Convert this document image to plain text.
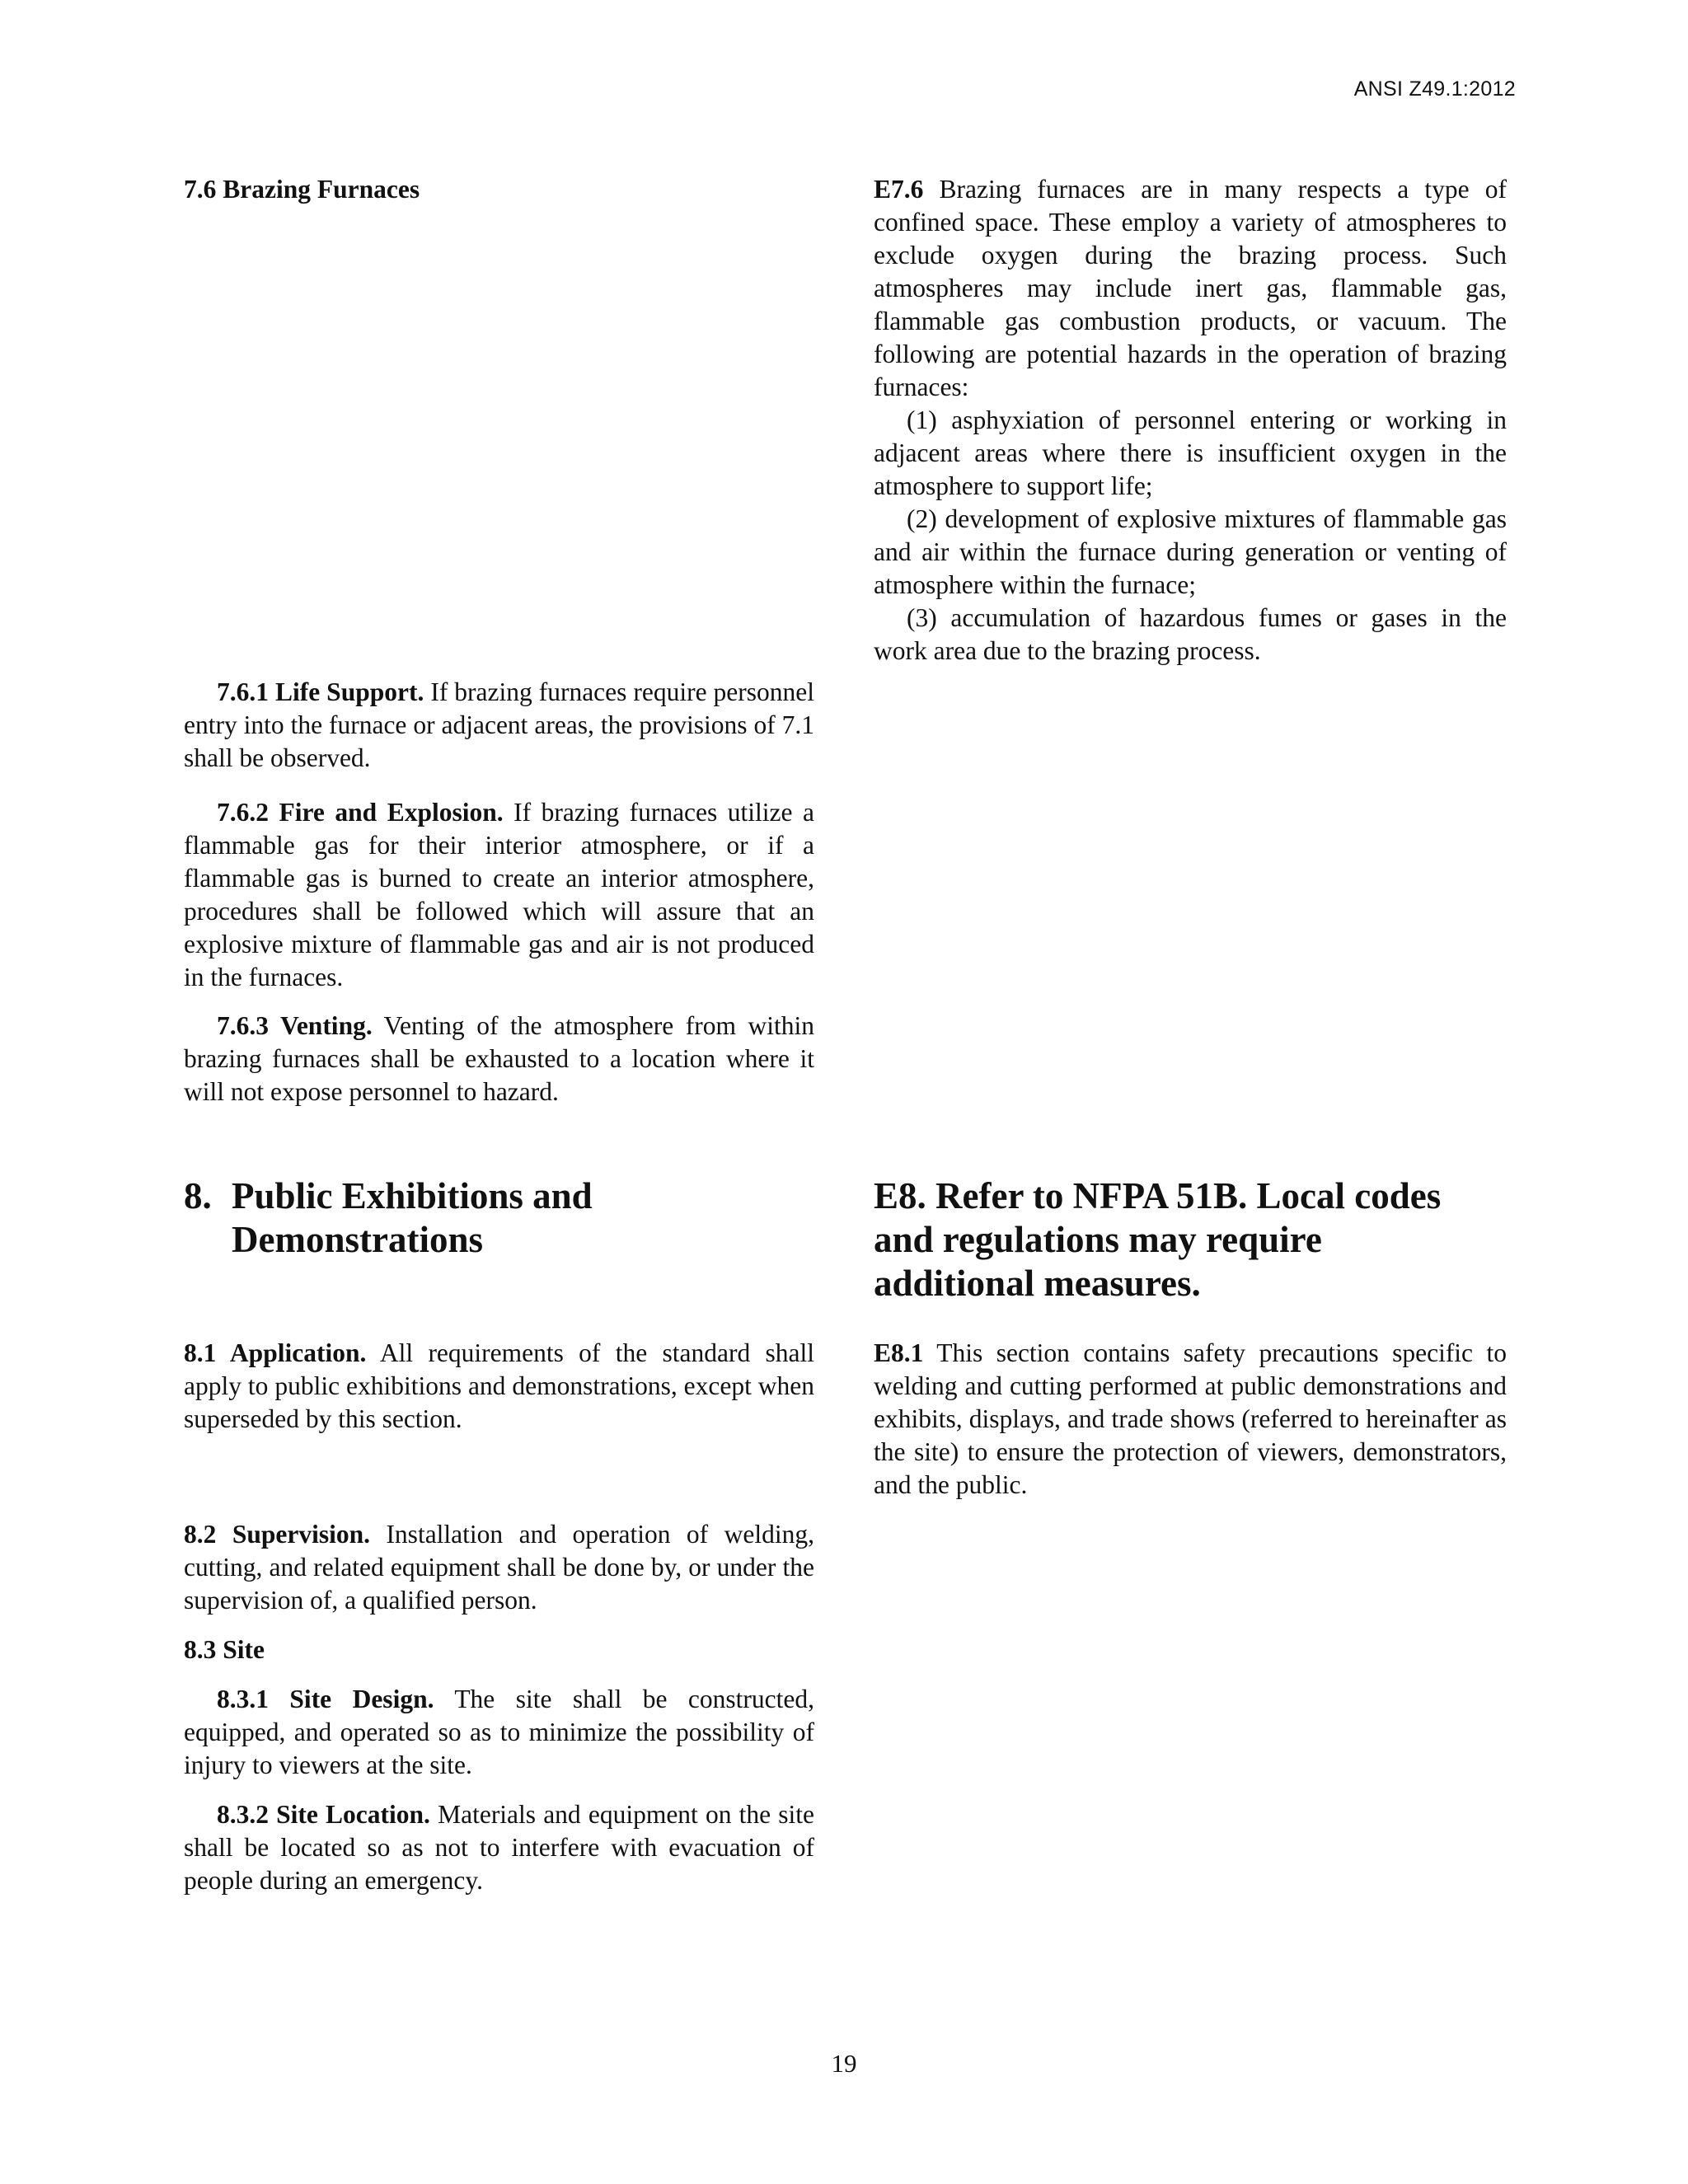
ANSI Z49.1:2012

7.6 Brazing Furnaces

7.6.1 Life Support. If brazing furnaces require personnel entry into the furnace or adjacent areas, the provisions of 7.1 shall be observed.

7.6.2 Fire and Explosion. If brazing furnaces utilize a flammable gas for their interior atmosphere, or if a flammable gas is burned to create an interior atmosphere, procedures shall be followed which will assure that an explosive mixture of flammable gas and air is not produced in the furnaces.

7.6.3 Venting. Venting of the atmosphere from within brazing furnaces shall be exhausted to a location where it will not expose personnel to hazard.

E7.6 Brazing furnaces are in many respects a type of confined space. These employ a variety of atmospheres to exclude oxygen during the brazing process. Such atmospheres may include inert gas, flammable gas, flammable gas combustion products, or vacuum. The following are potential hazards in the operation of brazing furnaces:

(1) asphyxiation of personnel entering or working in adjacent areas where there is insufficient oxygen in the atmosphere to support life;

(2) development of explosive mixtures of flammable gas and air within the furnace during generation or venting of atmosphere within the furnace;

(3) accumulation of hazardous fumes or gases in the work area due to the brazing process.

8. Public Exhibitions and
Demonstrations
E8. Refer to NFPA 51B. Local codes
and regulations may require
additional measures.

8.1 Application. All requirements of the standard shall apply to public exhibitions and demonstrations, except when superseded by this section.

8.2 Supervision. Installation and operation of welding, cutting, and related equipment shall be done by, or under the supervision of, a qualified person.

8.3 Site

8.3.1 Site Design. The site shall be constructed, equipped, and operated so as to minimize the possibility of injury to viewers at the site.

8.3.2 Site Location. Materials and equipment on the site shall be located so as not to interfere with evacuation of people during an emergency.

E8.1 This section contains safety precautions specific to welding and cutting performed at public demonstrations and exhibits, displays, and trade shows (referred to hereinafter as the site) to ensure the protection of viewers, demonstrators, and the public.

19
